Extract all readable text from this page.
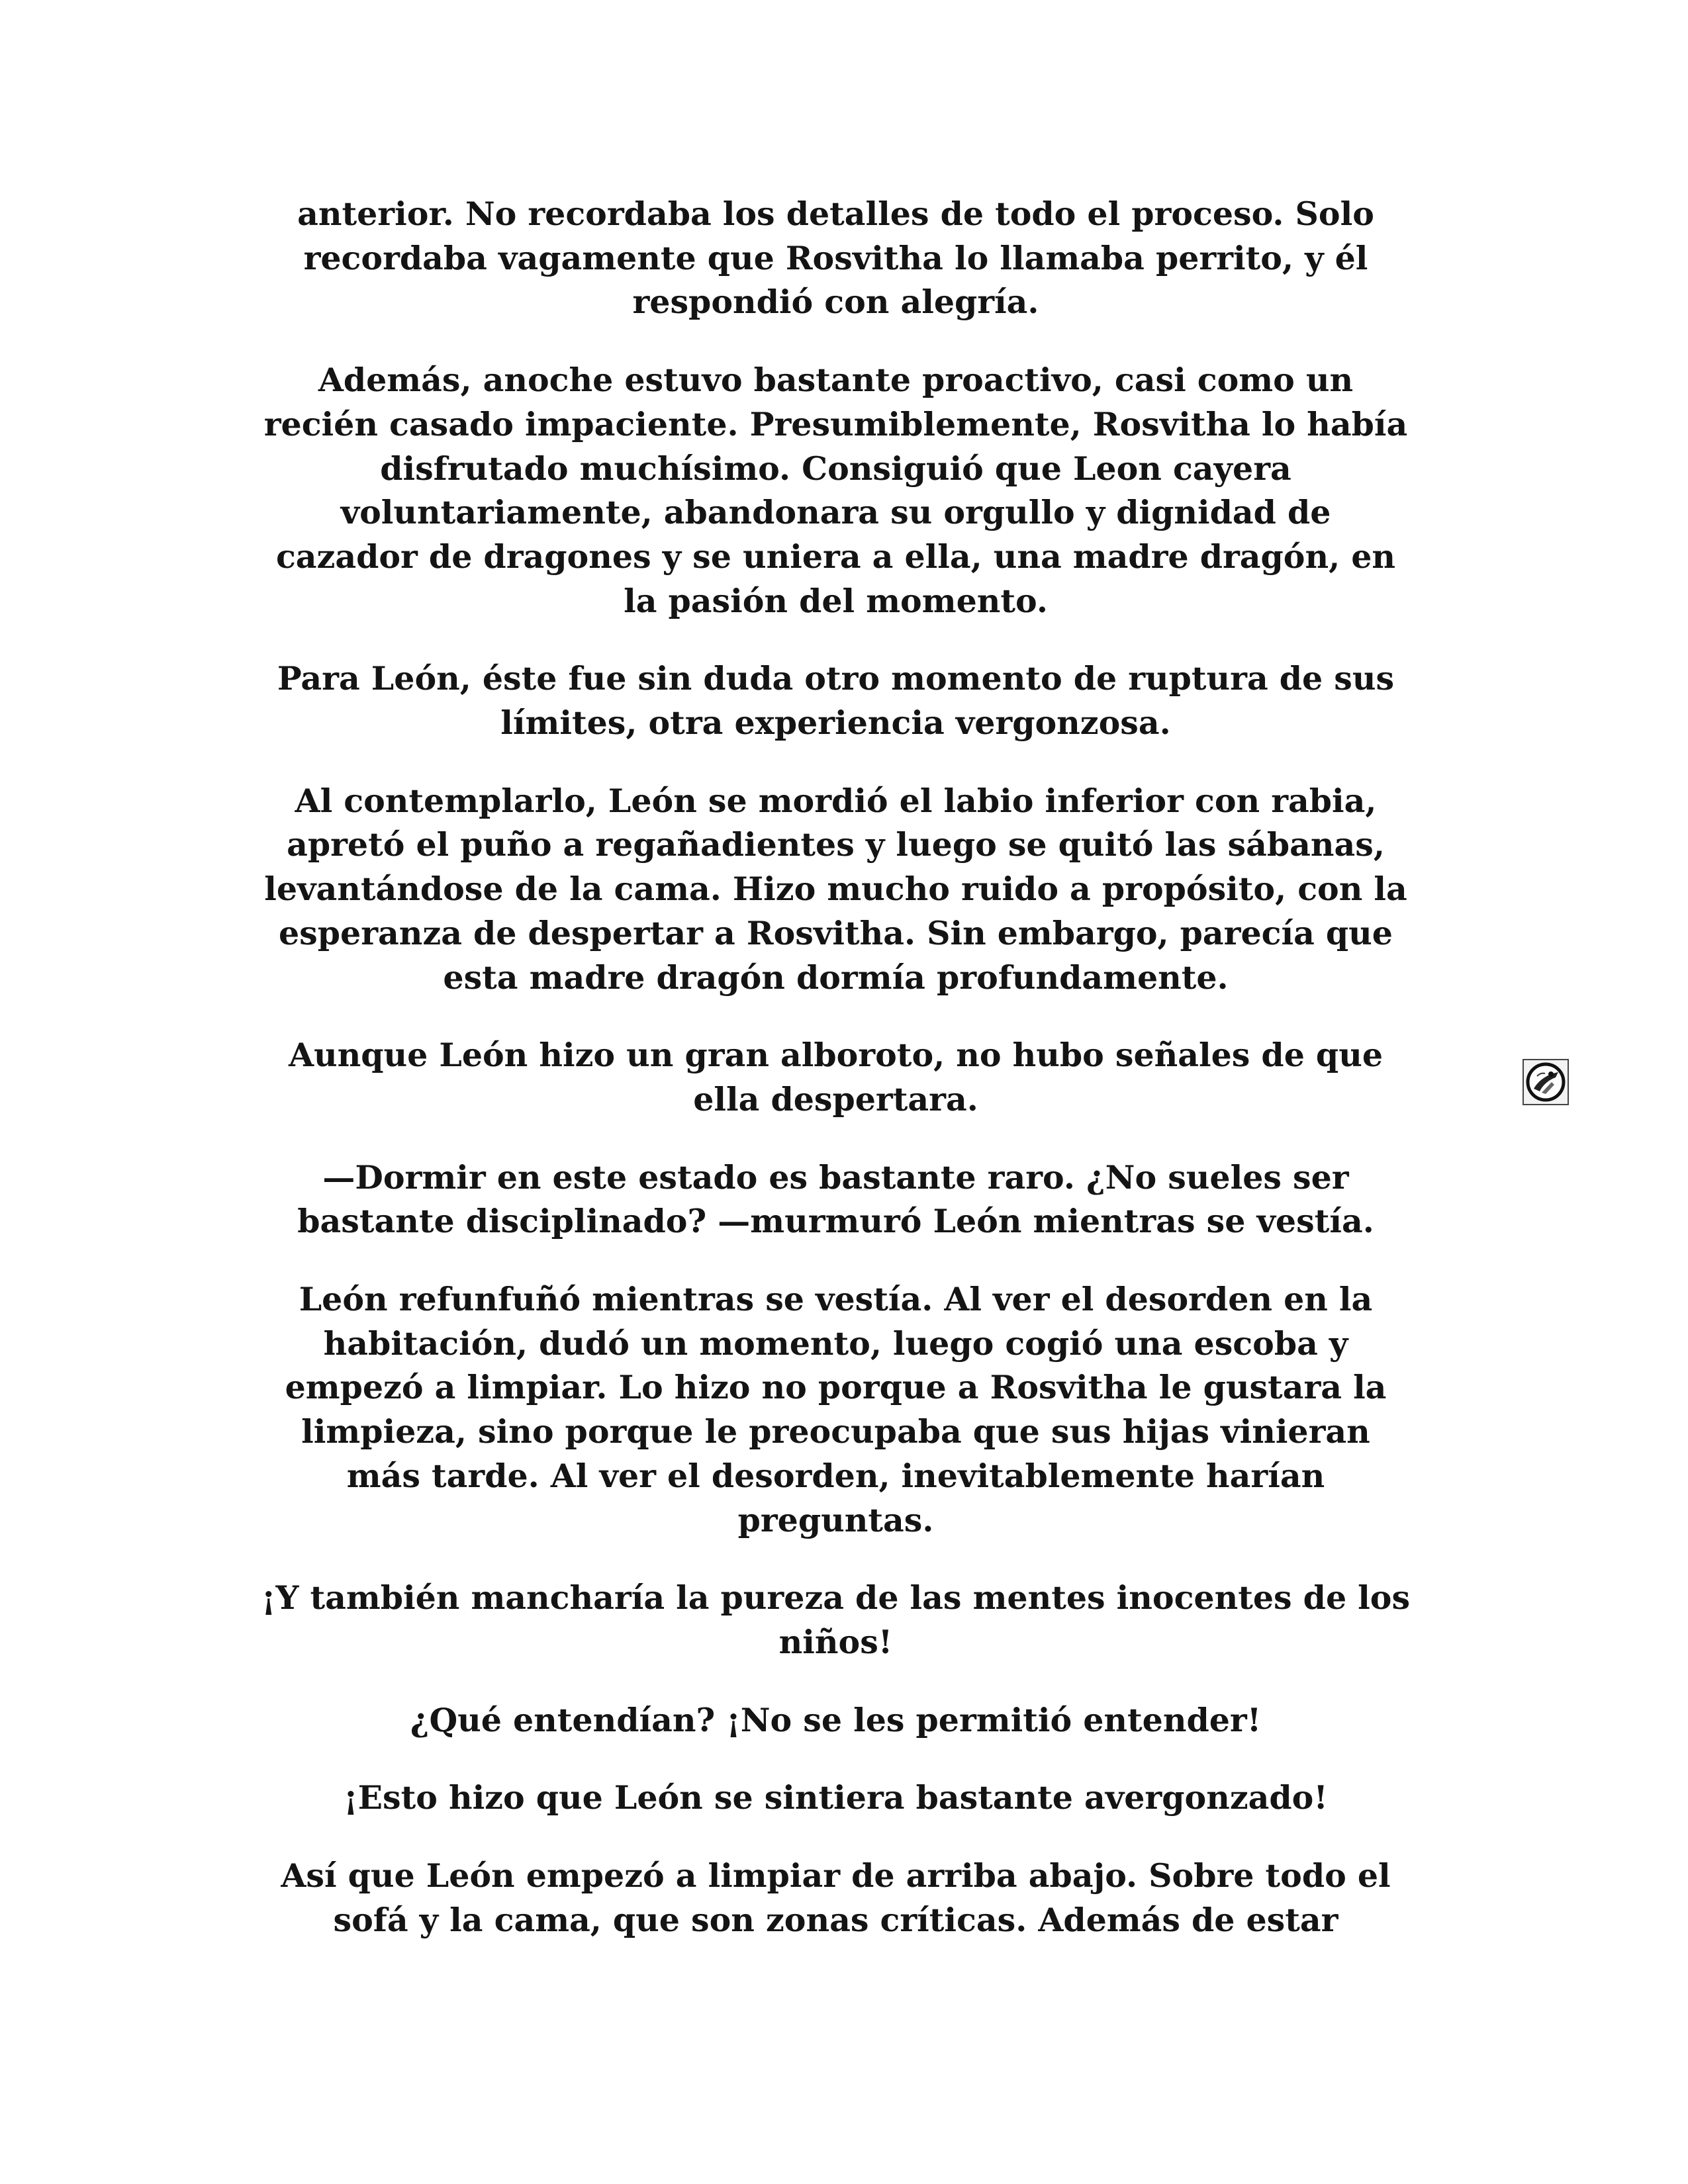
anterior. No recordaba los detalles de todo el proceso. Solo
recordaba vagamente que Rosvitha lo llamaba perrito, y él
respondió con alegría.

Además, anoche estuvo bastante proactivo, casi como un
recién casado impaciente. Presumiblemente, Rosvitha lo había
disfrutado muchísimo. Consiguió que Leon cayera
voluntariamente, abandonara su orgullo y dignidad de
cazador de dragones y se uniera a ella, una madre dragón, en
la pasión del momento.

Para León, éste fue sin duda otro momento de ruptura de sus
límites, otra experiencia vergonzosa.

Al contemplarlo, León se mordió el labio inferior con rabia,
apretó el puño a regañadientes y luego se quitó las sábanas,
levantándose de la cama. Hizo mucho ruido a propósito, con la
esperanza de despertar a Rosvitha. Sin embargo, parecía que
esta madre dragón dormía profundamente.

Aunque León hizo un gran alboroto, no hubo señales de que
ella despertara.

—Dormir en este estado es bastante raro. ¿No sueles ser
bastante disciplinado? —murmuró León mientras se vestía.

León refunfuñó mientras se vestía. Al ver el desorden en la
habitación, dudó un momento, luego cogió una escoba y
empezó a limpiar. Lo hizo no porque a Rosvitha le gustara la
limpieza, sino porque le preocupaba que sus hijas vinieran
más tarde. Al ver el desorden, inevitablemente harían
preguntas.

¡Y también mancharía la pureza de las mentes inocentes de los
niños!

¿Qué entendían? ¡No se les permitió entender!

¡Esto hizo que León se sintiera bastante avergonzado!

Así que León empezó a limpiar de arriba abajo. Sobre todo el
sofá y la cama, que son zonas críticas. Además de estar
